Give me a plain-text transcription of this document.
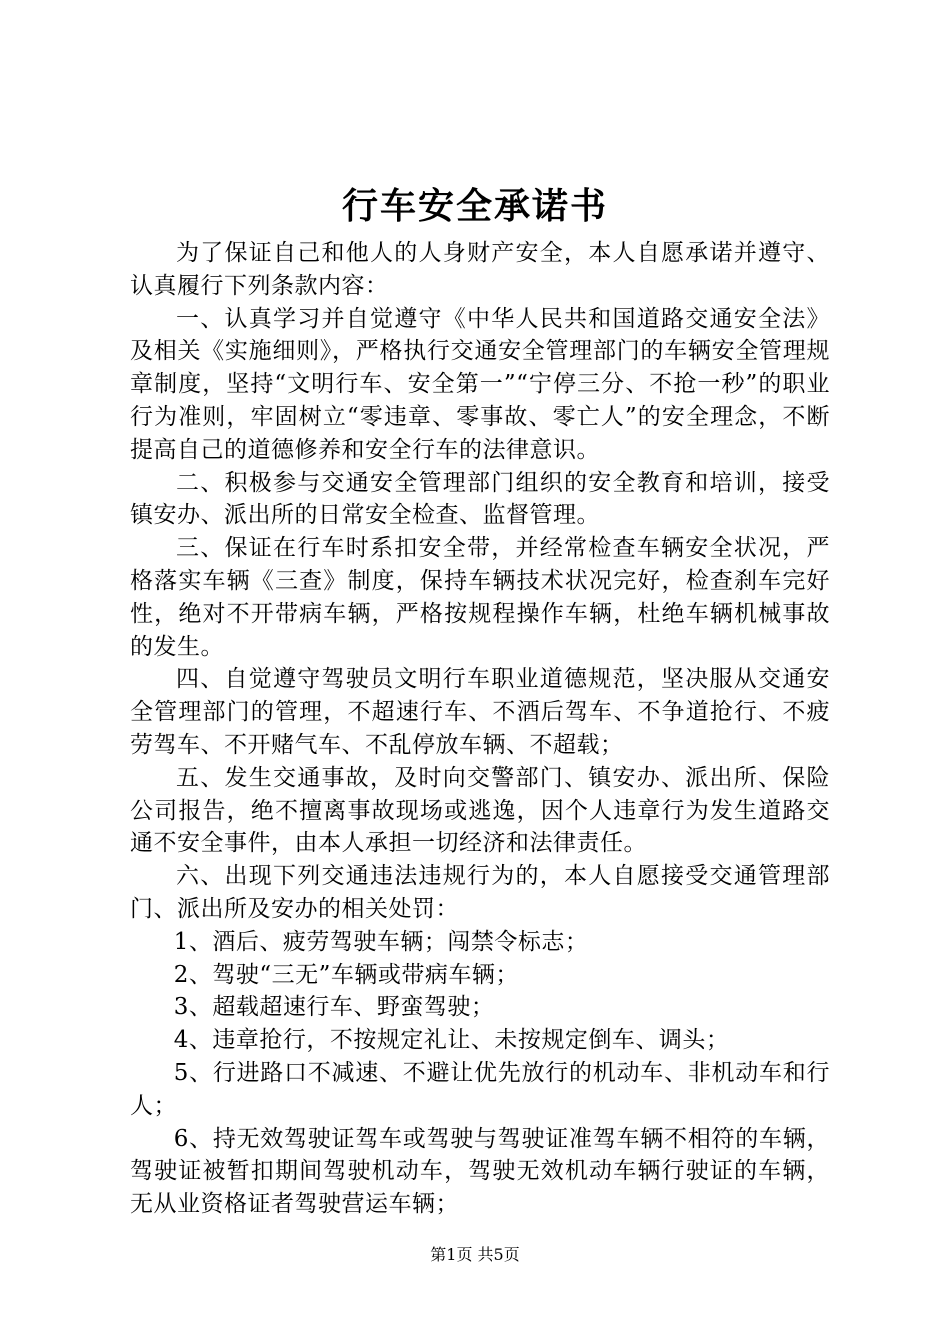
行车安全承诺书

为了保证自己和他人的人身财产安全，本人自愿承诺并遵守、认真履行下列条款内容：

一、认真学习并自觉遵守《中华人民共和国道路交通安全法》及相关《实施细则》，严格执行交通安全管理部门的车辆安全管理规章制度，坚持“文明行车、安全第一”“宁停三分、不抢一秒”的职业行为准则，牢固树立“零违章、零事故、零亡人”的安全理念，不断提高自己的道德修养和安全行车的法律意识。

二、积极参与交通安全管理部门组织的安全教育和培训，接受镇安办、派出所的日常安全检查、监督管理。

三、保证在行车时系扣安全带，并经常检查车辆安全状况，严格落实车辆《三查》制度，保持车辆技术状况完好，检查刹车完好性，绝对不开带病车辆，严格按规程操作车辆，杜绝车辆机械事故的发生。

四、自觉遵守驾驶员文明行车职业道德规范，坚决服从交通安全管理部门的管理，不超速行车、不酒后驾车、不争道抢行、不疲劳驾车、不开赌气车、不乱停放车辆、不超载；

五、发生交通事故，及时向交警部门、镇安办、派出所、保险公司报告，绝不擅离事故现场或逃逸，因个人违章行为发生道路交通不安全事件，由本人承担一切经济和法律责任。

六、出现下列交通违法违规行为的，本人自愿接受交通管理部门、派出所及安办的相关处罚：

1、酒后、疲劳驾驶车辆；闯禁令标志；

2、驾驶“三无”车辆或带病车辆；

3、超载超速行车、野蛮驾驶；

4、违章抢行，不按规定礼让、未按规定倒车、调头；

5、行进路口不减速、不避让优先放行的机动车、非机动车和行人；

6、持无效驾驶证驾车或驾驶与驾驶证准驾车辆不相符的车辆，驾驶证被暂扣期间驾驶机动车，驾驶无效机动车辆行驶证的车辆，无从业资格证者驾驶营运车辆；

第1页 共5页
